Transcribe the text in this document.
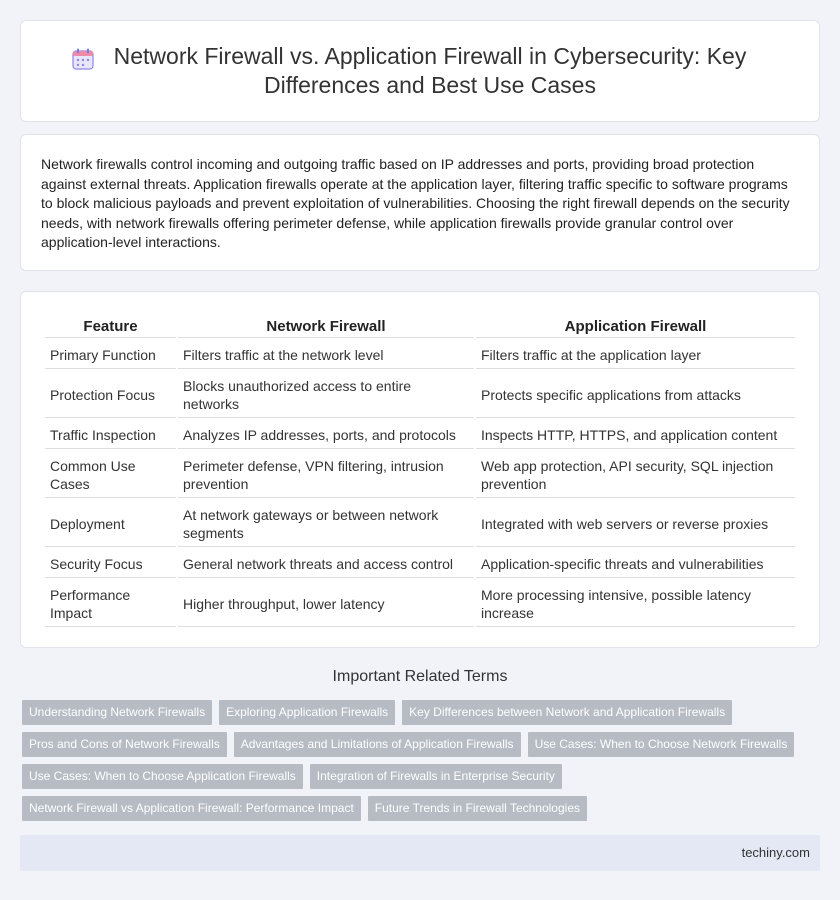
Network Firewall vs. Application Firewall in Cybersecurity: Key Differences and Best Use Cases

Network firewalls control incoming and outgoing traffic based on IP addresses and ports, providing broad protection against external threats. Application firewalls operate at the application layer, filtering traffic specific to software programs to block malicious payloads and prevent exploitation of vulnerabilities. Choosing the right firewall depends on the security needs, with network firewalls offering perimeter defense, while application firewalls provide granular control over application-level interactions.

Feature	Network Firewall	Application Firewall
Primary Function	Filters traffic at the network level	Filters traffic at the application layer
Protection Focus	Blocks unauthorized access to entire networks	Protects specific applications from attacks
Traffic Inspection	Analyzes IP addresses, ports, and protocols	Inspects HTTP, HTTPS, and application content
Common Use Cases	Perimeter defense, VPN filtering, intrusion prevention	Web app protection, API security, SQL injection prevention
Deployment	At network gateways or between network segments	Integrated with web servers or reverse proxies
Security Focus	General network threats and access control	Application-specific threats and vulnerabilities
Performance Impact	Higher throughput, lower latency	More processing intensive, possible latency increase
Important Related Terms
Understanding Network Firewalls	Exploring Application Firewalls	Key Differences between Network and Application Firewalls
Pros and Cons of Network Firewalls	Advantages and Limitations of Application Firewalls	Use Cases: When to Choose Network Firewalls
Use Cases: When to Choose Application Firewalls	Integration of Firewalls in Enterprise Security
Network Firewall vs Application Firewall: Performance Impact	Future Trends in Firewall Technologies
techiny.com
